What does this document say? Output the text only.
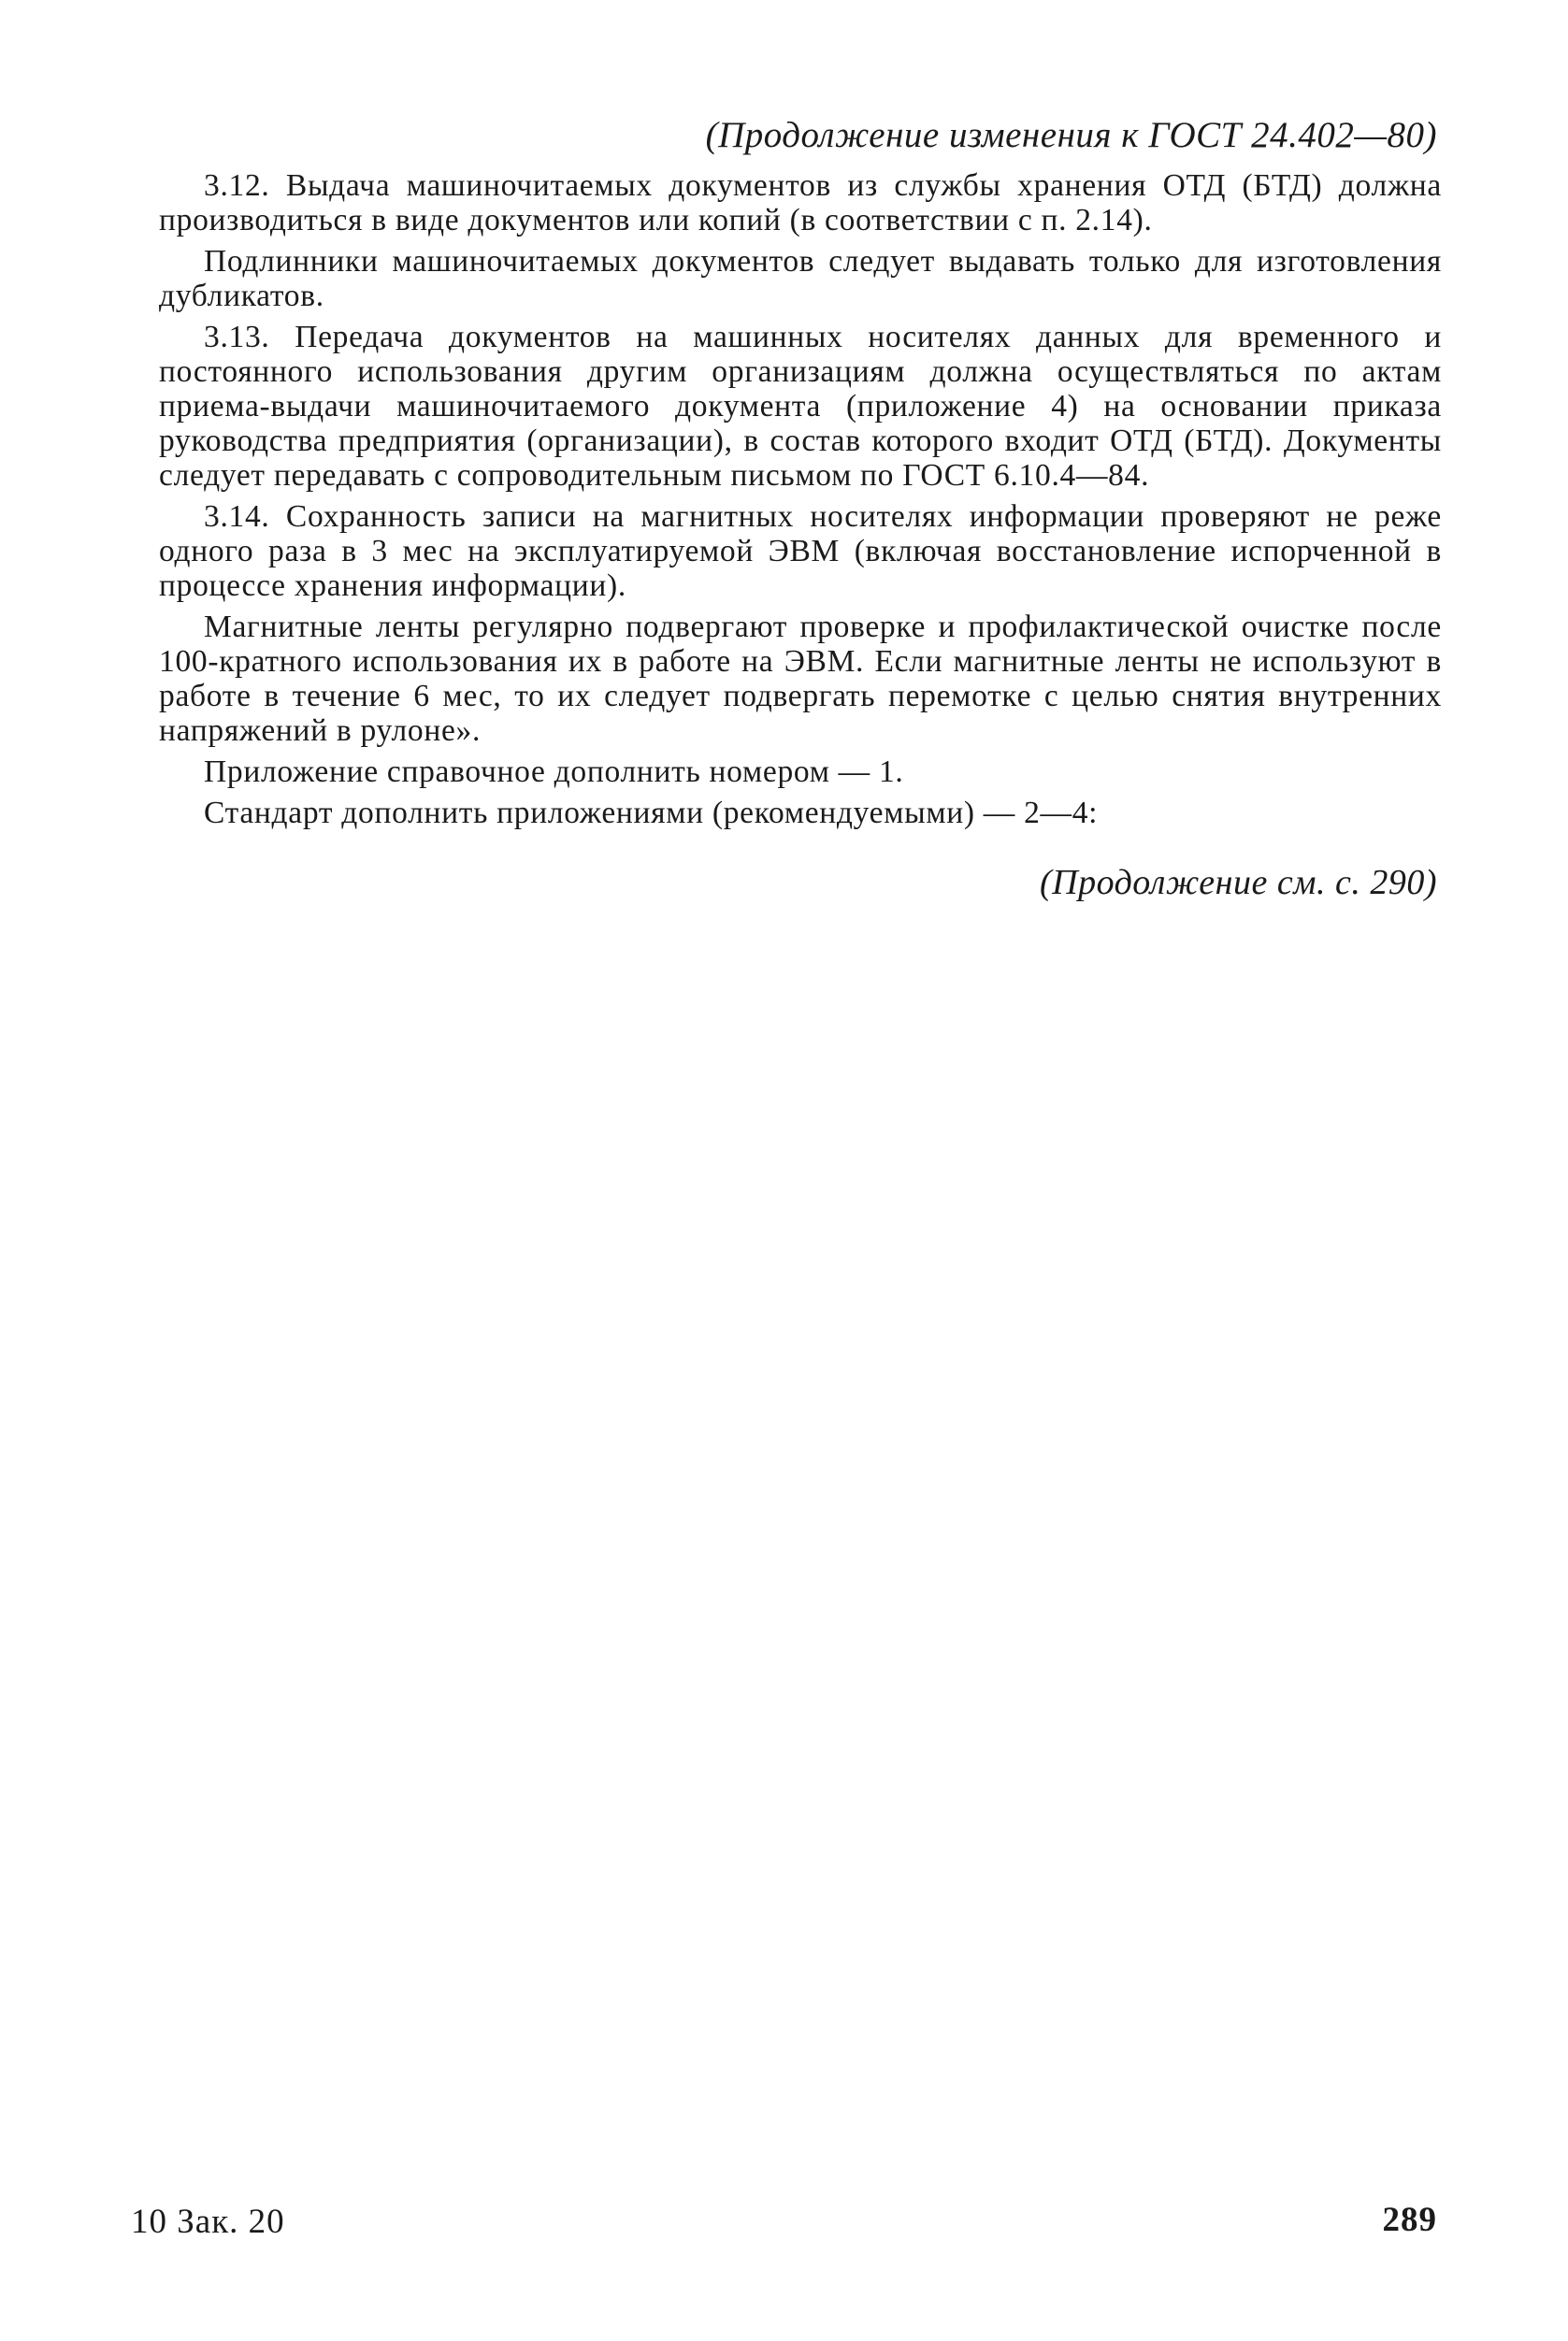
(Продолжение изменения к ГОСТ 24.402—80)

3.12. Выдача машиночитаемых документов из службы хранения ОТД (БТД) должна производиться в виде документов или копий (в соответствии с п. 2.14).

Подлинники машиночитаемых документов следует выдавать только для изготовления дубликатов.

3.13. Передача документов на машинных носителях данных для временного и постоянного использования другим организациям должна осуществляться по актам приема-выдачи машиночитаемого документа (приложение 4) на основании приказа руководства предприятия (организации), в состав которого входит ОТД (БТД). Документы следует передавать с сопроводительным письмом по ГОСТ 6.10.4—84.

3.14. Сохранность записи на магнитных носителях информации проверяют не реже одного раза в 3 мес на эксплуатируемой ЭВМ (включая восстановление испорченной в процессе хранения информации).

Магнитные ленты регулярно подвергают проверке и профилактической очистке после 100-кратного использования их в работе на ЭВМ. Если магнитные ленты не используют в работе в течение 6 мес, то их следует подвергать перемотке с целью снятия внутренних напряжений в рулоне».

Приложение справочное дополнить номером — 1.

Стандарт дополнить приложениями (рекомендуемыми) — 2—4:

(Продолжение см. с. 290)
10 Зак. 20	289
